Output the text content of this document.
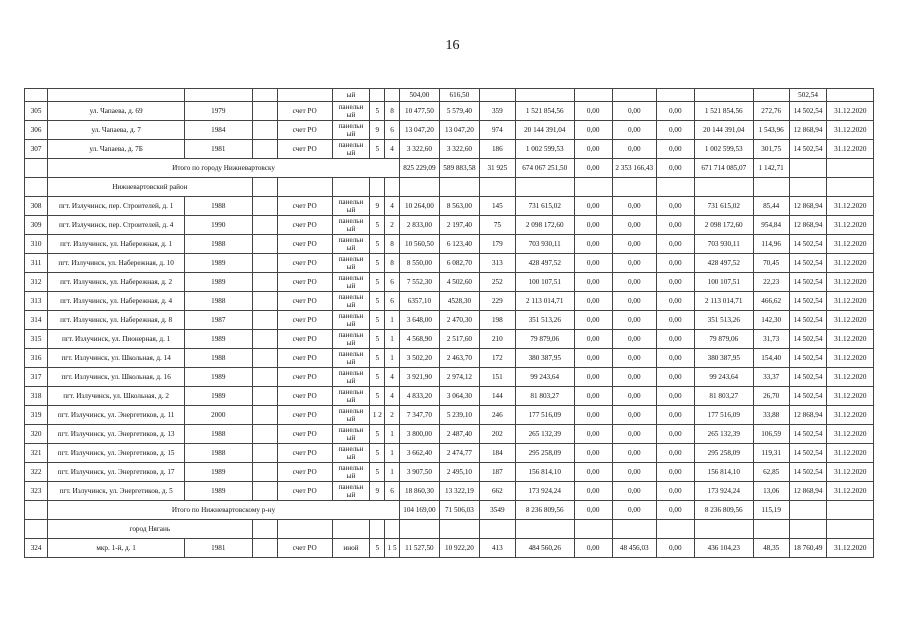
16
					ый			504,00	616,50								502,54	
305	ул. Чапаева, д. 69	1979		счет РО	панельн ый	5	8	10 477,50	5 579,40	359	1 521 854,56	0,00	0,00	0,00	1 521 854,56	272,76	14 502,54	31.12.2020
306	ул. Чапаева, д. 7	1984		счет РО	панельн ый	9	6	13 047,20	13 047,20	974	20 144 391,04	0,00	0,00	0,00	20 144 391,04	1 543,96	12 868,94	31.12.2020
307	ул. Чапаева, д. 7Б	1981		счет РО	панельн ый	5	4	3 322,60	3 322,60	186	1 002 599,53	0,00	0,00	0,00	1 002 599,53	301,75	14 502,54	31.12.2020
	Итого по городу Нижневартовску							825 229,09	589 883,58	31 925	674 067 251,50	0,00	2 353 166,43	0,00	671 714 085,07	1 142,71		
	Нижневартовский район																	
308	пгт. Излучинск, пер. Строителей, д. 1	1988		счет РО	панельн ый	9	4	10 264,00	8 563,00	145	731 615,02	0,00	0,00	0,00	731 615,02	85,44	12 868,94	31.12.2020
309	пгт. Излучинск, пер. Строителей, д. 4	1990		счет РО	панельн ый	5	2	2 833,00	2 197,40	75	2 098 172,60	0,00	0,00	0,00	2 098 172,60	954,84	12 868,94	31.12.2020
310	пгт. Излучинск, ул. Набережная, д. 1	1988		счет РО	панельн ый	5	8	10 560,50	6 123,40	179	703 930,11	0,00	0,00	0,00	703 930,11	114,96	14 502,54	31.12.2020
311	пгт. Излучинск, ул. Набережная, д. 10	1989		счет РО	панельн ый	5	8	8 550,00	6 082,70	313	428 497,52	0,00	0,00	0,00	428 497,52	70,45	14 502,54	31.12.2020
312	пгт. Излучинск, ул. Набережная, д. 2	1989		счет РО	панельн ый	5	6	7 552,30	4 502,60	252	100 107,51	0,00	0,00	0,00	100 107,51	22,23	14 502,54	31.12.2020
313	пгт. Излучинск, ул. Набережная, д. 4	1988		счет РО	панельн ый	5	6	6357,10	4528,30	229	2 113 014,71	0,00	0,00	0,00	2 113 014,71	466,62	14 502,54	31.12.2020
314	пгт. Излучинск, ул. Набережная, д. 8	1987		счет РО	панельн ый	5	1	3 648,00	2 470,30	198	351 513,26	0,00	0,00	0,00	351 513,26	142,30	14 502,54	31.12.2020
315	пгт. Излучинск, ул. Пионерная, д. 1	1989		счет РО	панельн ый	5	1	4 568,90	2 517,60	210	79 879,06	0,00	0,00	0,00	79 879,06	31,73	14 502,54	31.12.2020
316	пгт. Излучинск, ул. Школьная, д. 14	1988		счет РО	панельн ый	5	1	3 502,20	2 463,70	172	380 387,95	0,00	0,00	0,00	380 387,95	154,40	14 502,54	31.12.2020
317	пгт. Излучинск, ул. Школьная, д. 16	1989		счет РО	панельн ый	5	4	3 921,90	2 974,12	151	99 243,64	0,00	0,00	0,00	99 243,64	33,37	14 502,54	31.12.2020
318	пгт. Излучинск, ул. Школьная, д. 2	1989		счет РО	панельн ый	5	4	4 833,20	3 064,30	144	81 803,27	0,00	0,00	0,00	81 803,27	26,70	14 502,54	31.12.2020
319	пгт. Излучинск, ул. Энергетиков, д. 11	2000		счет РО	панельн ый	1 2	2	7 347,70	5 239,10	246	177 516,09	0,00	0,00	0,00	177 516,09	33,88	12 868,94	31.12.2020
320	пгт. Излучинск, ул. Энергетиков, д. 13	1988		счет РО	панельн ый	5	1	3 800,00	2 487,40	202	265 132,39	0,00	0,00	0,00	265 132,39	106,59	14 502,54	31.12.2020
321	пгт. Излучинск, ул. Энергетиков, д. 15	1988		счет РО	панельн ый	5	1	3 662,40	2 474,77	184	295 258,09	0,00	0,00	0,00	295 258,09	119,31	14 502,54	31.12.2020
322	пгт. Излучинск, ул. Энергетиков, д. 17	1989		счет РО	панельн ый	5	1	3 907,50	2 495,10	187	156 814,10	0,00	0,00	0,00	156 814,10	62,85	14 502,54	31.12.2020
323	пгт. Излучинск, ул. Энергетиков, д. 5	1989		счет РО	панельн ый	9	6	18 860,30	13 322,19	662	173 924,24	0,00	0,00	0,00	173 924,24	13,06	12 868,94	31.12.2020
	Итого по Нижневартовскому р-ну							104 169,00	71 506,03	3549	8 236 809,56	0,00	0,00	0,00	8 236 809,56	115,19		
	город Нягань																	
324	мкр. 1-й, д. 1	1981		счет РО	иной	5	1 5	11 527,50	10 922,20	413	484 560,26	0,00	48 456,03	0,00	436 104,23	48,35	18 760,49	31.12.2020
